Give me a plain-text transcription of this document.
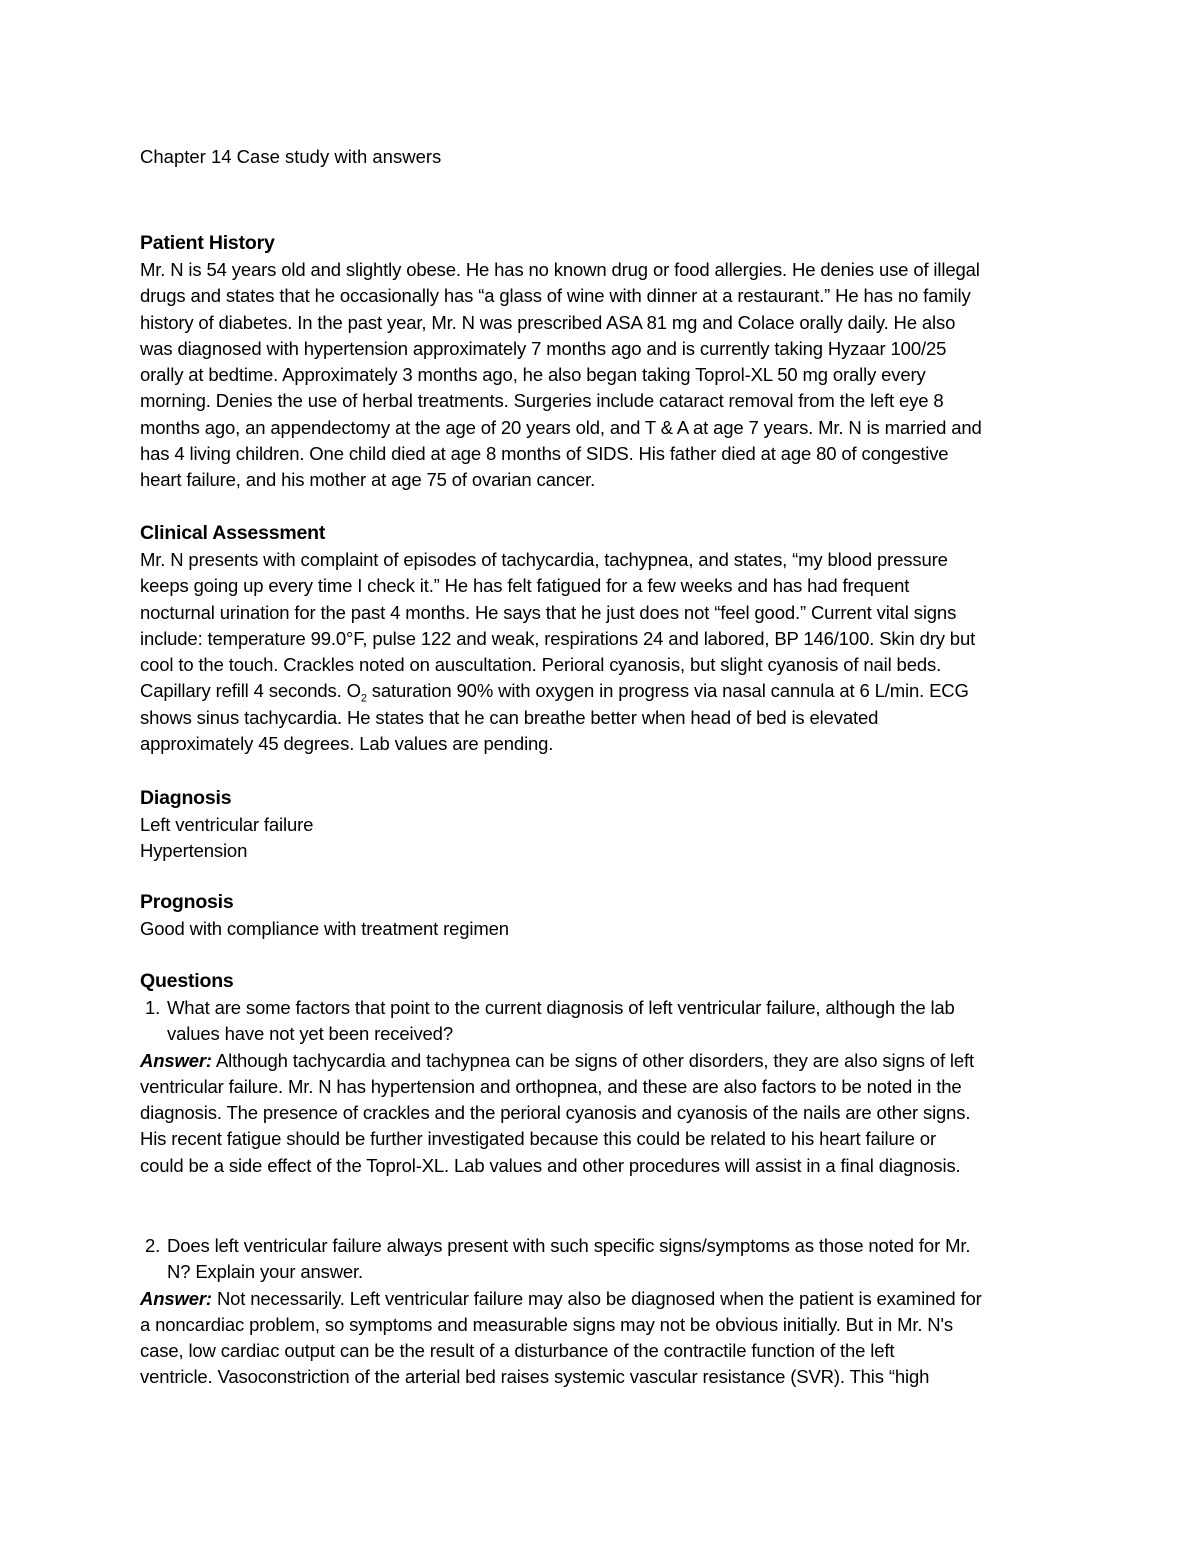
Chapter 14 Case study with answers

Patient History

Mr. N is 54 years old and slightly obese. He has no known drug or food allergies. He denies use of illegal
drugs and states that he occasionally has “a glass of wine with dinner at a restaurant.” He has no family
history of diabetes. In the past year, Mr. N was prescribed ASA 81 mg and Colace orally daily. He also
was diagnosed with hypertension approximately 7 months ago and is currently taking Hyzaar 100/25
orally at bedtime. Approximately 3 months ago, he also began taking Toprol-XL 50 mg orally every
morning. Denies the use of herbal treatments. Surgeries include cataract removal from the left eye 8
months ago, an appendectomy at the age of 20 years old, and T & A at age 7 years. Mr. N is married and
has 4 living children. One child died at age 8 months of SIDS. His father died at age 80 of congestive
heart failure, and his mother at age 75 of ovarian cancer.

Clinical Assessment

Mr. N presents with complaint of episodes of tachycardia, tachypnea, and states, “my blood pressure
keeps going up every time I check it.” He has felt fatigued for a few weeks and has had frequent
nocturnal urination for the past 4 months. He says that he just does not “feel good.” Current vital signs
include: temperature 99.0°F, pulse 122 and weak, respirations 24 and labored, BP 146/100. Skin dry but
cool to the touch. Crackles noted on auscultation. Perioral cyanosis, but slight cyanosis of nail beds.
Capillary refill 4 seconds. $O_2$ saturation 90% with oxygen in progress via nasal cannula at 6 L/min. ECG
shows sinus tachycardia. He states that he can breathe better when head of bed is elevated
approximately 45 degrees. Lab values are pending.

Diagnosis

Left ventricular failure
Hypertension

Prognosis

Good with compliance with treatment regimen

Questions

1. What are some factors that point to the current diagnosis of left ventricular failure, although the lab
values have not yet been received?

Answer: Although tachycardia and tachypnea can be signs of other disorders, they are also signs of left
ventricular failure. Mr. N has hypertension and orthopnea, and these are also factors to be noted in the
diagnosis. The presence of crackles and the perioral cyanosis and cyanosis of the nails are other signs.
His recent fatigue should be further investigated because this could be related to his heart failure or
could be a side effect of the Toprol-XL. Lab values and other procedures will assist in a final diagnosis.

2. Does left ventricular failure always present with such specific signs/symptoms as those noted for Mr.
N? Explain your answer.

Answer: Not necessarily. Left ventricular failure may also be diagnosed when the patient is examined for
a noncardiac problem, so symptoms and measurable signs may not be obvious initially. But in Mr. N's
case, low cardiac output can be the result of a disturbance of the contractile function of the left
ventricle. Vasoconstriction of the arterial bed raises systemic vascular resistance (SVR). This “high
